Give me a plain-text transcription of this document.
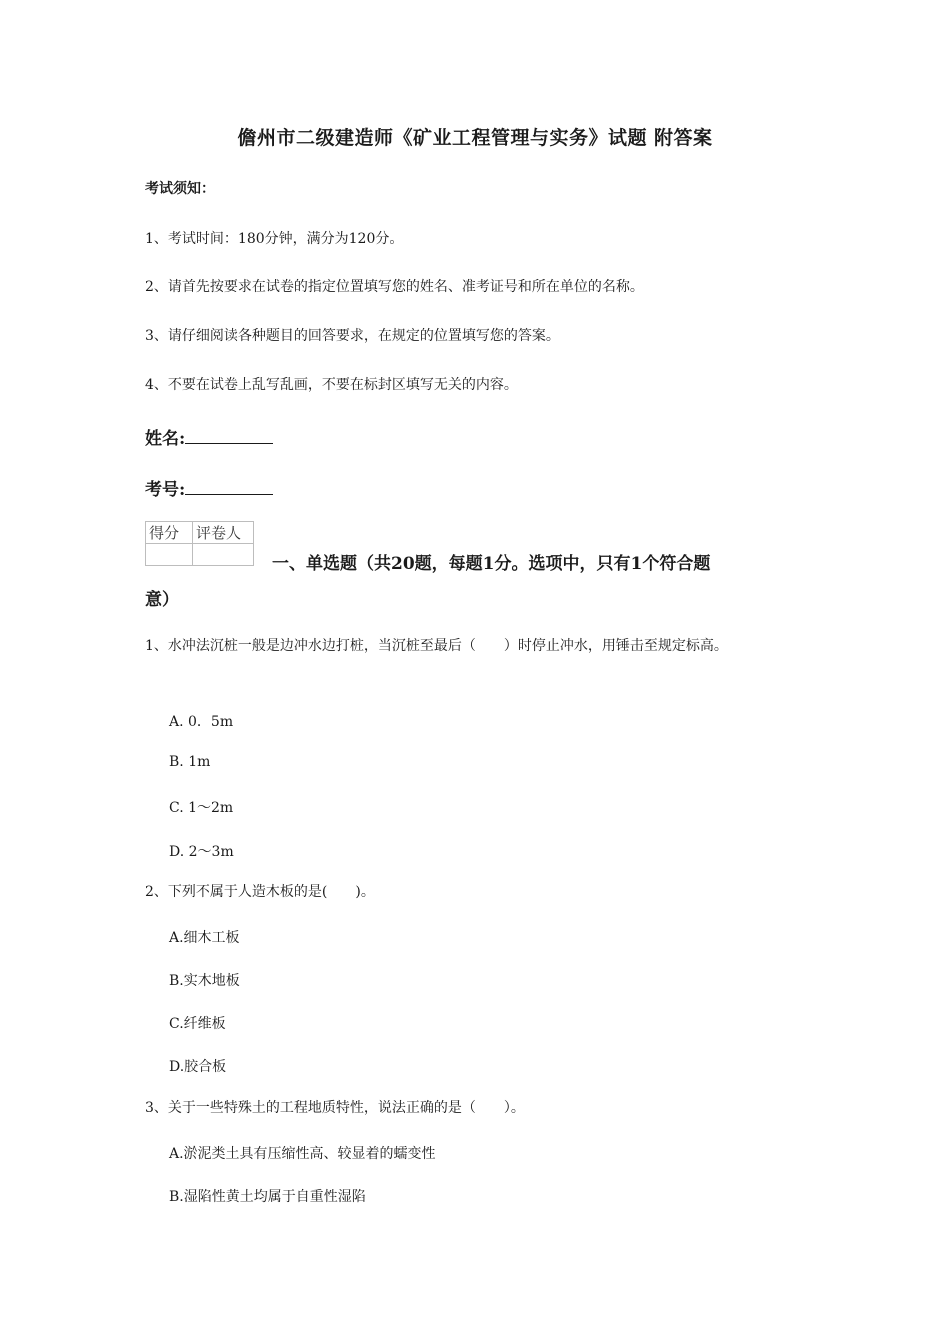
儋州市二级建造师《矿业工程管理与实务》试题 附答案
考试须知：
1、考试时间：180分钟，满分为120分。
2、请首先按要求在试卷的指定位置填写您的姓名、准考证号和所在单位的名称。
3、请仔细阅读各种题目的回答要求，在规定的位置填写您的答案。
4、不要在试卷上乱写乱画，不要在标封区填写无关的内容。
姓名:
考号:
得分	评卷人

一、单选题（共20题，每题1分。选项中，只有1个符合题
意）
1、水冲法沉桩一般是边冲水边打桩，当沉桩至最后（　　）时停止冲水，用锤击至规定标高。
A. 0．5m
B. 1m
C. 1～2m
D. 2～3m
2、下列不属于人造木板的是(　　)。
A.细木工板
B.实木地板
C.纤维板
D.胶合板
3、关于一些特殊土的工程地质特性，说法正确的是（　　）。
A.淤泥类土具有压缩性高、较显着的蠕变性
B.湿陷性黄土均属于自重性湿陷
